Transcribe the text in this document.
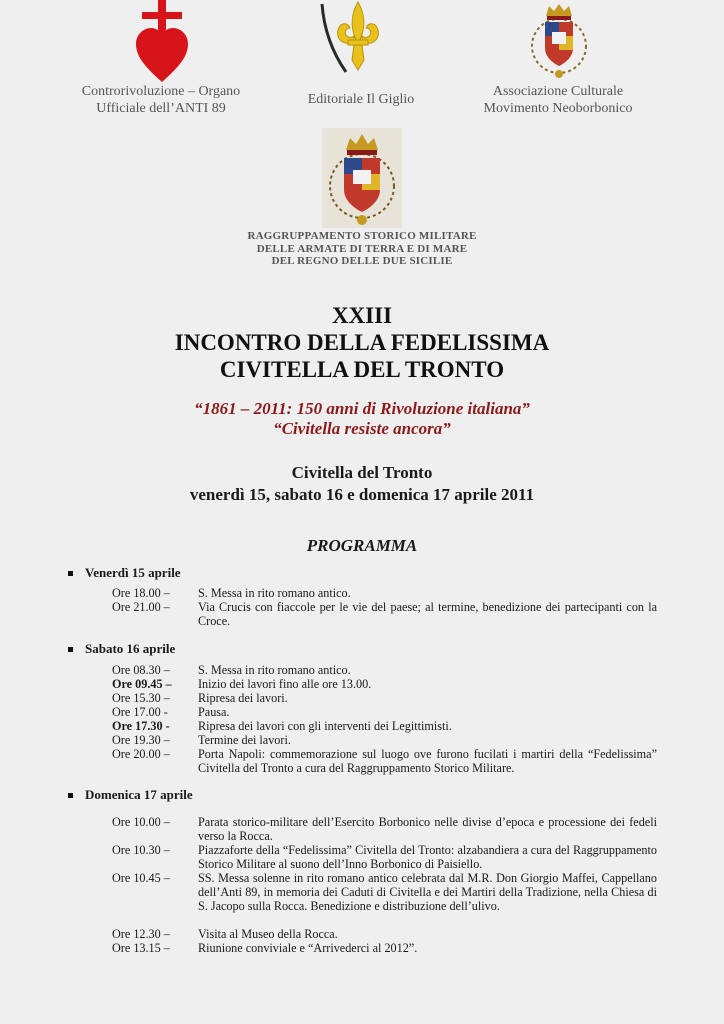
Controrivoluzione – Organo
Ufficiale dell’ANTI 89
Editoriale Il Giglio
Associazione Culturale
Movimento Neoborbonico
RAGGRUPPAMENTO STORICO MILITARE
DELLE ARMATE DI TERRA E DI MARE
DEL REGNO DELLE DUE SICILIE
XXIII
INCONTRO DELLA FEDELISSIMA
CIVITELLA DEL TRONTO
“1861 – 2011: 150 anni di Rivoluzione italiana”
“Civitella resiste ancora”
Civitella del Tronto
venerdì 15, sabato 16 e domenica 17 aprile 2011
PROGRAMMA
Venerdì 15 aprile
Ore 18.00 –	S. Messa in rito romano antico.
Ore 21.00 –	Via Crucis con fiaccole per le vie del paese; al termine, benedizione dei partecipanti con la Croce.
Sabato 16 aprile
Ore 08.30 –	S. Messa in rito romano antico.
Ore 09.45 –	Inizio dei lavori fino alle ore 13.00.
Ore 15.30 –	Ripresa dei lavori.
Ore 17.00 -	Pausa.
Ore 17.30 -	Ripresa dei lavori con gli interventi dei Legittimisti.
Ore 19.30 –	Termine dei lavori.
Ore 20.00 –	Porta Napoli: commemorazione sul luogo ove furono fucilati i martiri della “Fedelissima” Civitella del Tronto a cura del Raggruppamento Storico Militare.
Domenica 17 aprile
Ore 10.00 –	Parata storico-militare dell’Esercito Borbonico nelle divise d’epoca e processione dei fedeli verso la Rocca.
Ore 10.30 –	Piazzaforte della “Fedelissima” Civitella del Tronto: alzabandiera a cura del Raggruppamento Storico Militare al suono dell’Inno Borbonico di Paisiello.
Ore 10.45 –	SS. Messa solenne in rito romano antico celebrata dal M.R. Don Giorgio Maffei, Cappellano dell’Anti 89, in memoria dei Caduti di Civitella e dei Martiri della Tradizione, nella Chiesa di S. Jacopo sulla Rocca. Benedizione e distribuzione dell’ulivo.
Ore 12.30 –	Visita al Museo della Rocca.
Ore 13.15 –	Riunione conviviale e “Arrivederci al 2012”.
